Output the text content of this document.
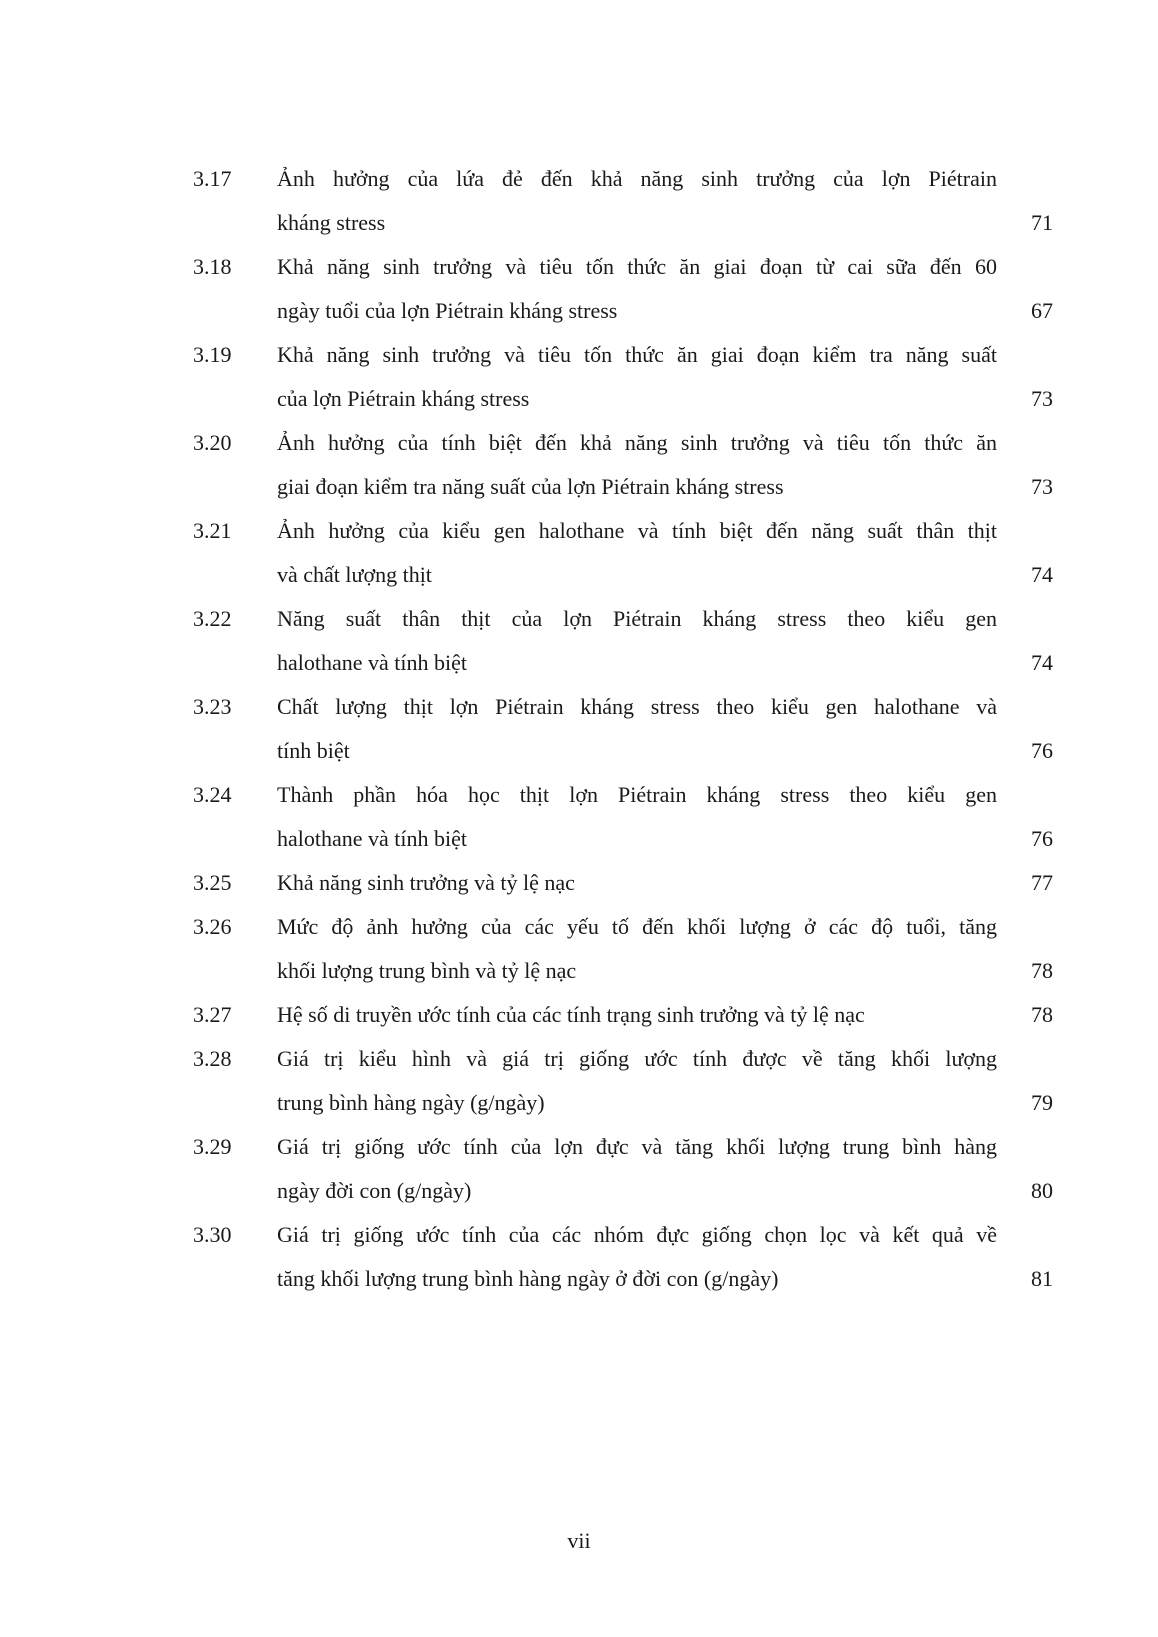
3.17	Ảnh hưởng của lứa đẻ đến khả năng sinh trưởng của lợn Piétrain
kháng stress	71
3.18	Khả năng sinh trưởng và tiêu tốn thức ăn giai đoạn từ cai sữa đến 60
ngày tuổi của lợn Piétrain kháng stress	67
3.19	Khả năng sinh trưởng và tiêu tốn thức ăn giai đoạn kiểm tra năng suất
của lợn Piétrain kháng stress	73
3.20	Ảnh hưởng của tính biệt đến khả năng sinh trưởng và tiêu tốn thức ăn
giai đoạn kiểm tra năng suất của lợn Piétrain kháng stress	73
3.21	Ảnh hưởng của kiểu gen halothane và tính biệt đến năng suất thân thịt
và chất lượng thịt	74
3.22	Năng suất thân thịt của lợn Piétrain kháng stress theo kiểu gen
halothane và tính biệt	74
3.23	Chất lượng thịt lợn Piétrain kháng stress theo kiểu gen halothane và
tính biệt	76
3.24	Thành phần hóa học thịt lợn Piétrain kháng stress theo kiểu gen
halothane và tính biệt	76
3.25	Khả năng sinh trưởng và tỷ lệ nạc	77
3.26	Mức độ ảnh hưởng của các yếu tố đến khối lượng ở các độ tuổi, tăng
khối lượng trung bình và tỷ lệ nạc	78
3.27	Hệ số di truyền ước tính của các tính trạng sinh trưởng và tỷ lệ nạc	78
3.28	Giá trị kiểu hình và giá trị giống ước tính được về tăng khối lượng
trung bình hàng ngày (g/ngày)	79
3.29	Giá trị giống ước tính của lợn đực và tăng khối lượng trung bình hàng
ngày đời con (g/ngày)	80
3.30	Giá trị giống ước tính của các nhóm đực giống chọn lọc và kết quả về
tăng khối lượng trung bình hàng ngày ở đời con (g/ngày)	81
vii
